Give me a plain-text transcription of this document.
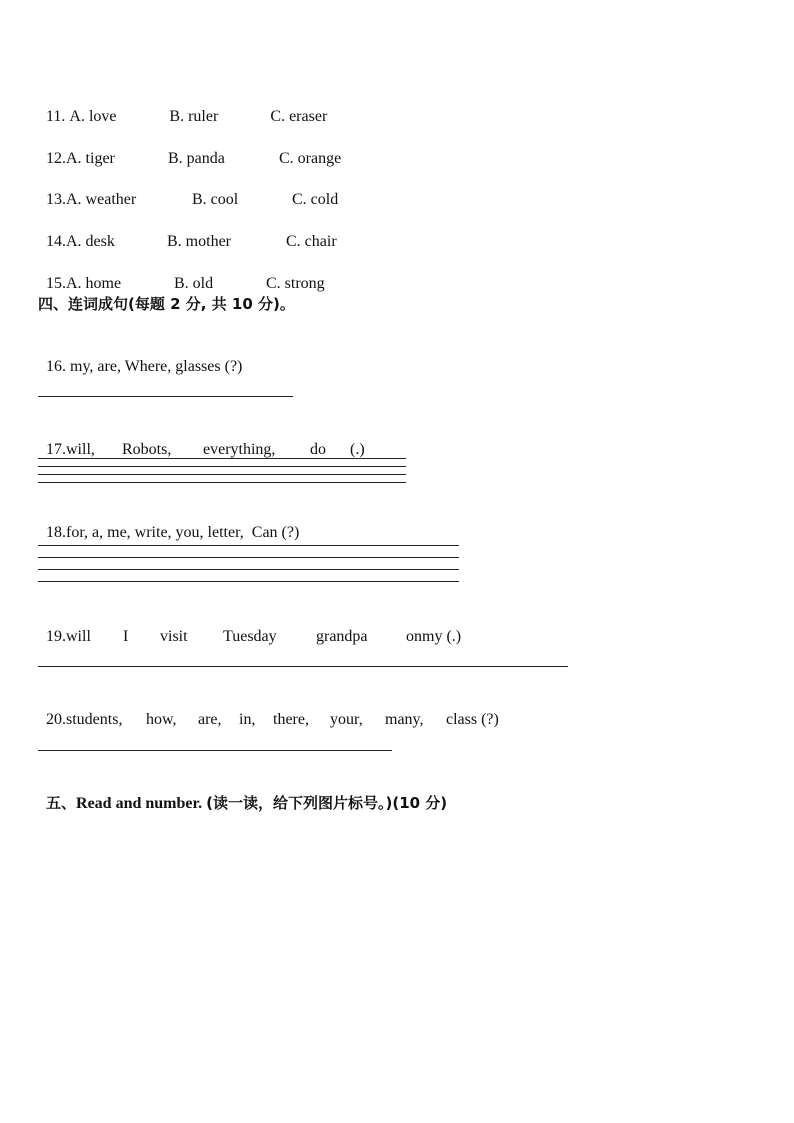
11. A. love	B. ruler	C. eraser

12.A. tiger	B. panda	C. orange

13.A. weather	B. cool	C. cold

14.A. desk	B. mother	C. chair

15.A. home	B. old	C. strong

四、连词成句(每题 2 分, 共 10 分)。

16. my, are, Where, glasses (?)

17.will, Robots, everything, do (.)

18.for, a, me, write, you, letter,  Can (?)

19.will I visit Tuesday grandpa onmy (.)

20.students, how, are, in, there, your, many, class (?)

五、Read and number. (读一读，给下列图片标号。)(10 分)
